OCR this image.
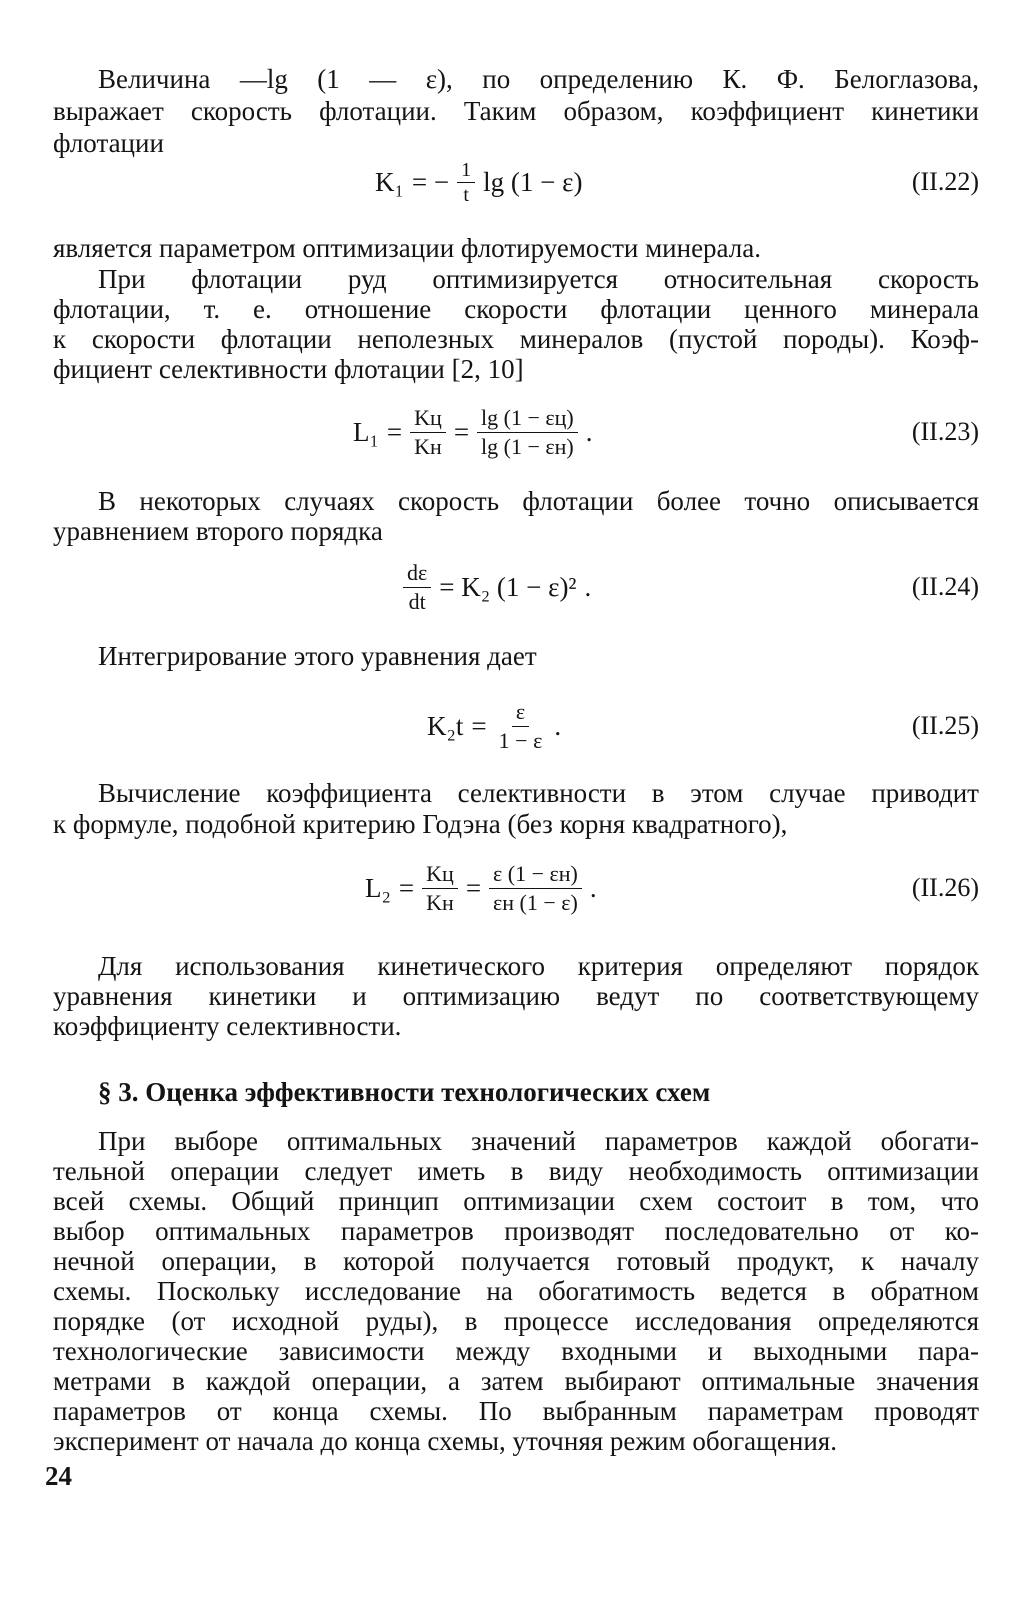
Величина —lg (1 — ε), по определению К. Ф. Белоглазова,
выражает скорость флотации. Таким образом, коэффициент кинетики
флотации
K₁ = − $\frac{1}{t}$ lg (1 − ε)	(II.22)
является параметром оптимизации флотируемости минерала.
При флотации руд оптимизируется относительная скорость
флотации, т. е. отношение скорости флотации ценного минерала
к скорости флотации неполезных минералов (пустой породы). Коэф-
фициент селективности флотации [2, 10]
$L_1 = \frac{Kц}{Kн} = \frac{\lg (1 - \varepsilon ц)}{\lg (1 - \varepsilon н)}$ .	(II.23)
В некоторых случаях скорость флотации более точно описывается
уравнением второго порядка
$\frac{d\varepsilon}{dt} = K_2$ (1 − ε)² .	(II.24)
Интегрирование этого уравнения дает
$K_2t = \frac{\varepsilon}{1 - \varepsilon}$ .	(II.25)
Вычисление коэффициента селективности в этом случае приводит
к формуле, подобной критерию Годэна (без корня квадратного),
$L_2 = \frac{Kц}{Kн} = \frac{\varepsilon (1 - \varepsilon н)}{\varepsilon н (1 - \varepsilon)}$ .	(II.26)
Для использования кинетического критерия определяют порядок
уравнения кинетики и оптимизацию ведут по соответствующему
коэффициенту селективности.
§ 3. Оценка эффективности технологических схем
При выборе оптимальных значений параметров каждой обогати-
тельной операции следует иметь в виду необходимость оптимизации
всей схемы. Общий принцип оптимизации схем состоит в том, что
выбор оптимальных параметров производят последовательно от ко-
нечной операции, в которой получается готовый продукт, к началу
схемы. Поскольку исследование на обогатимость ведется в обратном
порядке (от исходной руды), в процессе исследования определяются
технологические зависимости между входными и выходными пара-
метрами в каждой операции, а затем выбирают оптимальные значения
параметров от конца схемы. По выбранным параметрам проводят
эксперимент от начала до конца схемы, уточняя режим обогащения.
24
